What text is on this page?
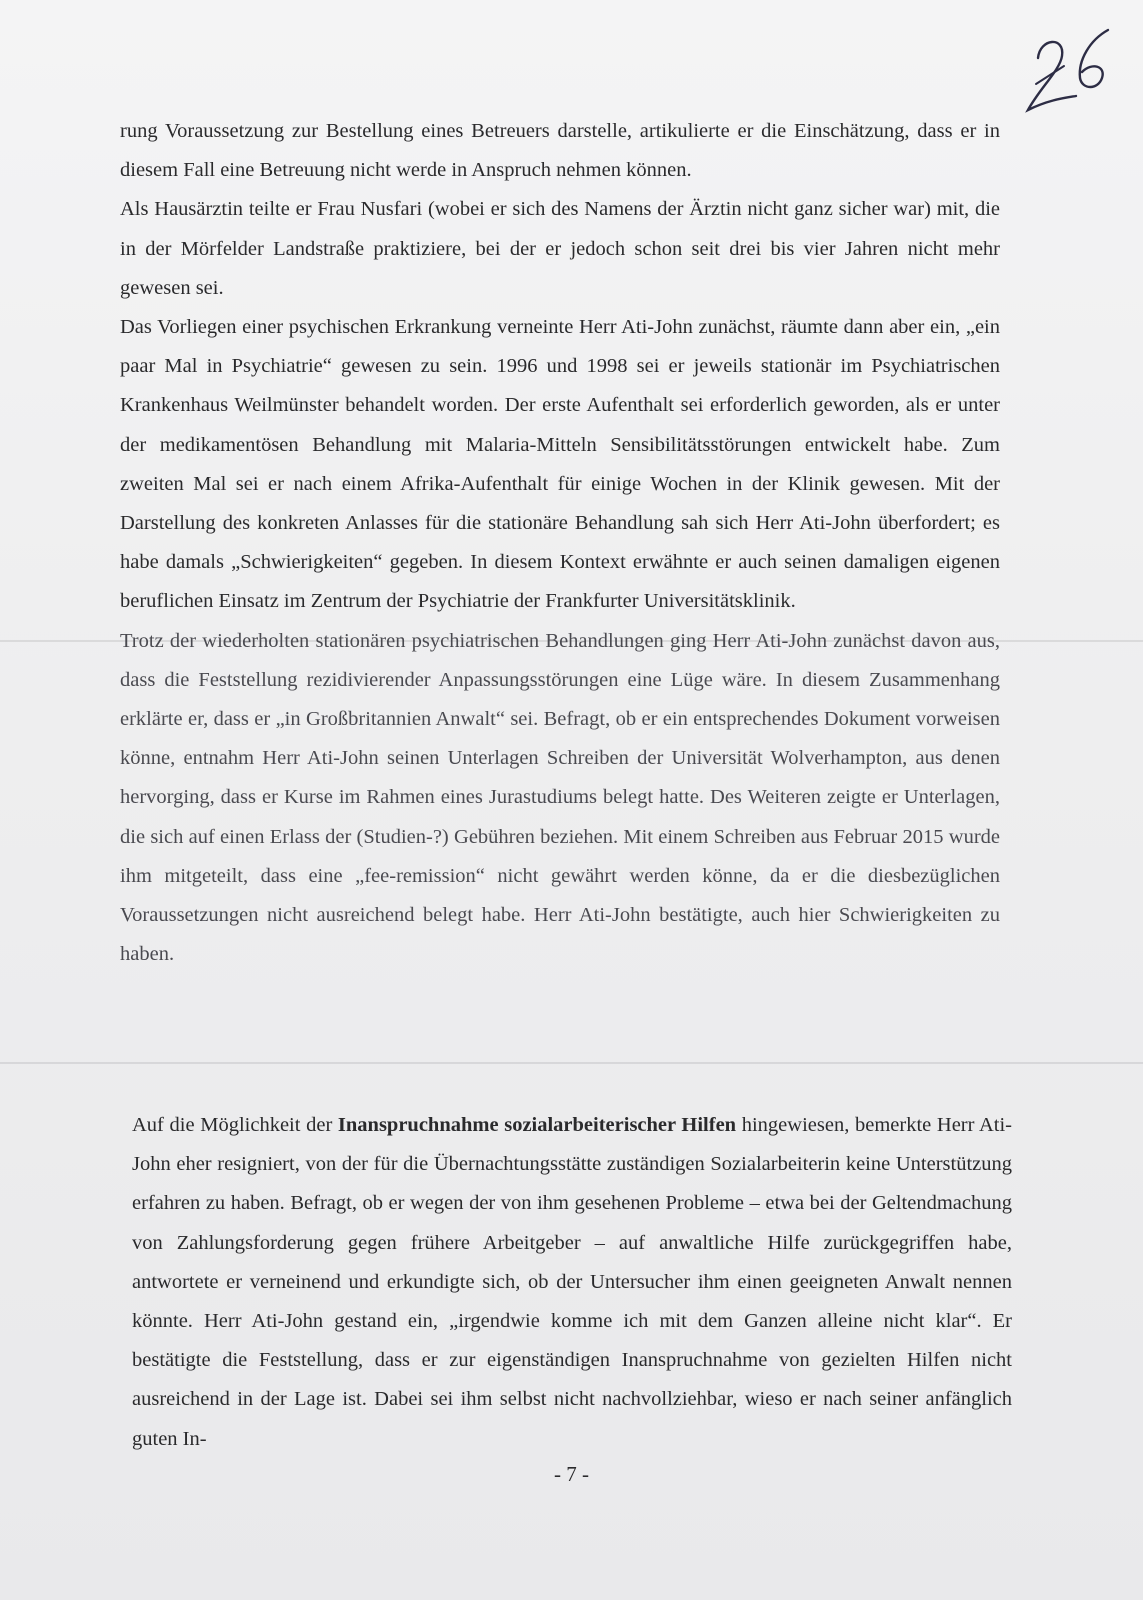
rung Voraussetzung zur Bestellung eines Betreuers darstelle, artikulierte er die Einschätzung, dass er in diesem Fall eine Betreuung nicht werde in Anspruch nehmen können.

Als Hausärztin teilte er Frau Nusfari (wobei er sich des Namens der Ärztin nicht ganz sicher war) mit, die in der Mörfelder Landstraße praktiziere, bei der er jedoch schon seit drei bis vier Jahren nicht mehr gewesen sei.

Das Vorliegen einer psychischen Erkrankung verneinte Herr Ati-John zunächst, räumte dann aber ein, „ein paar Mal in Psychiatrie“ gewesen zu sein. 1996 und 1998 sei er jeweils stationär im Psychiatrischen Krankenhaus Weilmünster behandelt worden. Der erste Aufenthalt sei erforderlich geworden, als er unter der medikamentösen Behandlung mit Malaria-Mitteln Sensibilitätsstörungen entwickelt habe. Zum zweiten Mal sei er nach einem Afrika-Aufenthalt für einige Wochen in der Klinik gewesen. Mit der Darstellung des konkreten Anlasses für die stationäre Behandlung sah sich Herr Ati-John überfordert; es habe damals „Schwierigkeiten“ gegeben. In diesem Kontext erwähnte er auch seinen damaligen eigenen beruflichen Einsatz im Zentrum der Psychiatrie der Frankfurter Universitätsklinik.

Trotz der wiederholten stationären psychiatrischen Behandlungen ging Herr Ati-John zunächst davon aus, dass die Feststellung rezidivierender Anpassungsstörungen eine Lüge wäre. In diesem Zusammenhang erklärte er, dass er „in Großbritannien Anwalt“ sei. Befragt, ob er ein entsprechendes Dokument vorweisen könne, entnahm Herr Ati-John seinen Unterlagen Schreiben der Universität Wolverhampton, aus denen hervorging, dass er Kurse im Rahmen eines Jurastudiums belegt hatte. Des Weiteren zeigte er Unterlagen, die sich auf einen Erlass der (Studien-?) Gebühren beziehen. Mit einem Schreiben aus Februar 2015 wurde ihm mitgeteilt, dass eine „fee-remission“ nicht gewährt werden könne, da er die diesbezüglichen Voraussetzungen nicht ausreichend belegt habe. Herr Ati-John bestätigte, auch hier Schwierigkeiten zu haben.

Auf die Möglichkeit der Inanspruchnahme sozialarbeiterischer Hilfen hingewiesen, bemerkte Herr Ati-John eher resigniert, von der für die Übernachtungsstätte zuständigen Sozialarbeiterin keine Unterstützung erfahren zu haben. Befragt, ob er wegen der von ihm gesehenen Probleme – etwa bei der Geltendmachung von Zahlungsforderung gegen frühere Arbeitgeber – auf anwaltliche Hilfe zurückgegriffen habe, antwortete er verneinend und erkundigte sich, ob der Untersucher ihm einen geeigneten Anwalt nennen könnte. Herr Ati-John gestand ein, „irgendwie komme ich mit dem Ganzen alleine nicht klar“. Er bestätigte die Feststellung, dass er zur eigenständigen Inanspruchnahme von gezielten Hilfen nicht ausreichend in der Lage ist. Dabei sei ihm selbst nicht nachvollziehbar, wieso er nach seiner anfänglich guten In-

- 7 -
